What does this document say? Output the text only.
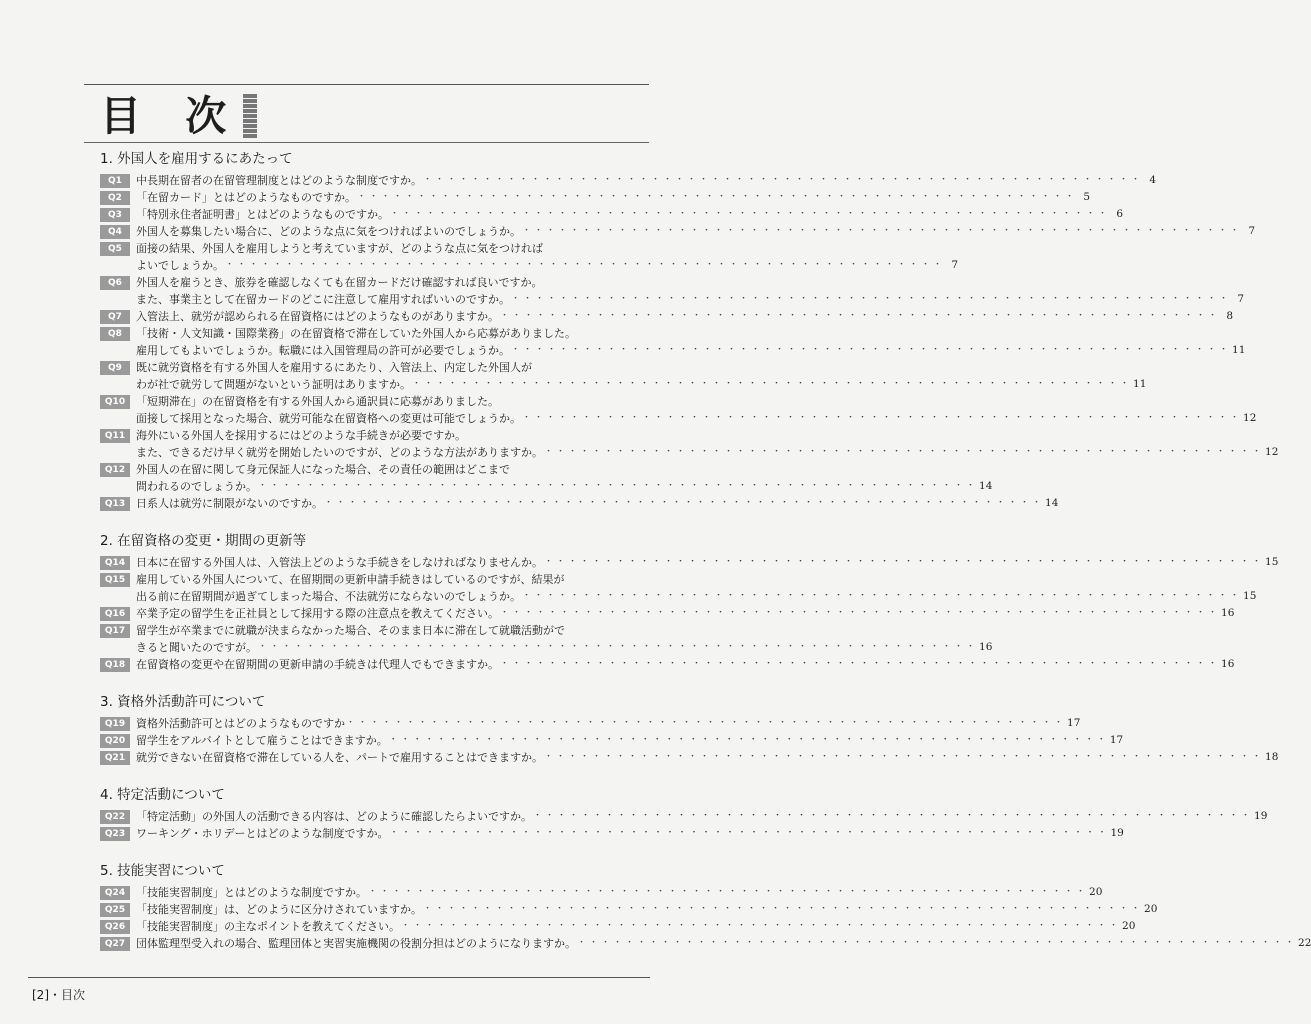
目 次
1. 外国人を雇用するにあたって
Q1	中長期在留者の在留管理制度とはどのような制度ですか。 ・・・・・・・・・・・・・・・・・・・・・・・・・・・・・・・・・・・・・・・・・・・・・・・・・・・・・・・・・・・・ 4
Q2	「在留カード」とはどのようなものですか。 ・・・・・・・・・・・・・・・・・・・・・・・・・・・・・・・・・・・・・・・・・・・・・・・・・・・・・・・・・・・・ 5
Q3	「特別永住者証明書」とはどのようなものですか。 ・・・・・・・・・・・・・・・・・・・・・・・・・・・・・・・・・・・・・・・・・・・・・・・・・・・・・・・・・・・・ 6
Q4	外国人を募集したい場合に、どのような点に気をつければよいのでしょうか。 ・・・・・・・・・・・・・・・・・・・・・・・・・・・・・・・・・・・・・・・・・・・・・・・・・・・・・・・・・・・・ 7
Q5	面接の結果、外国人を雇用しようと考えていますが、どのような点に気をつければ
よいでしょうか。 ・・・・・・・・・・・・・・・・・・・・・・・・・・・・・・・・・・・・・・・・・・・・・・・・・・・・・・・・・・・・ 7
Q6	外国人を雇うとき、旅券を確認しなくても在留カードだけ確認すれば良いですか。
また、事業主として在留カードのどこに注意して雇用すればいいのですか。 ・・・・・・・・・・・・・・・・・・・・・・・・・・・・・・・・・・・・・・・・・・・・・・・・・・・・・・・・・・・・ 7
Q7	入管法上、就労が認められる在留資格にはどのようなものがありますか。 ・・・・・・・・・・・・・・・・・・・・・・・・・・・・・・・・・・・・・・・・・・・・・・・・・・・・・・・・・・・・ 8
Q8	「技術・人文知識・国際業務」の在留資格で滞在していた外国人から応募がありました。
雇用してもよいでしょうか。転職には入国管理局の許可が必要でしょうか。 ・・・・・・・・・・・・・・・・・・・・・・・・・・・・・・・・・・・・・・・・・・・・・・・・・・・・・・・・・・・・ 11
Q9	既に就労資格を有する外国人を雇用するにあたり、入管法上、内定した外国人が
わが社で就労して問題がないという証明はありますか。 ・・・・・・・・・・・・・・・・・・・・・・・・・・・・・・・・・・・・・・・・・・・・・・・・・・・・・・・・・・・・ 11
Q10 「短期滞在」の在留資格を有する外国人から通訳員に応募がありました。
面接して採用となった場合、就労可能な在留資格への変更は可能でしょうか。 ・・・・・・・・・・・・・・・・・・・・・・・・・・・・・・・・・・・・・・・・・・・・・・・・・・・・・・・・・・・・ 12
Q11 海外にいる外国人を採用するにはどのような手続きが必要ですか。
また、できるだけ早く就労を開始したいのですが、どのような方法がありますか。 ・・・・・・・・・・・・・・・・・・・・・・・・・・・・・・・・・・・・・・・・・・・・・・・・・・・・・・・・・・・・ 12
Q12 外国人の在留に関して身元保証人になった場合、その責任の範囲はどこまで
問われるのでしょうか。 ・・・・・・・・・・・・・・・・・・・・・・・・・・・・・・・・・・・・・・・・・・・・・・・・・・・・・・・・・・・・ 14
Q13 日系人は就労に制限がないのですか。 ・・・・・・・・・・・・・・・・・・・・・・・・・・・・・・・・・・・・・・・・・・・・・・・・・・・・・・・・・・・・ 14
2. 在留資格の変更・期間の更新等
Q14 日本に在留する外国人は、入管法上どのような手続きをしなければなりませんか。 ・・・・・・・・・・・・・・・・・・・・・・・・・・・・・・・・・・・・・・・・・・・・・・・・・・・・・・・・・・・・ 15
Q15 雇用している外国人について、在留期間の更新申請手続きはしているのですが、結果が
出る前に在留期間が過ぎてしまった場合、不法就労にならないのでしょうか。 ・・・・・・・・・・・・・・・・・・・・・・・・・・・・・・・・・・・・・・・・・・・・・・・・・・・・・・・・・・・・ 15
Q16 卒業予定の留学生を正社員として採用する際の注意点を教えてください。 ・・・・・・・・・・・・・・・・・・・・・・・・・・・・・・・・・・・・・・・・・・・・・・・・・・・・・・・・・・・・ 16
Q17 留学生が卒業までに就職が決まらなかった場合、そのまま日本に滞在して就職活動がで
きると聞いたのですが。 ・・・・・・・・・・・・・・・・・・・・・・・・・・・・・・・・・・・・・・・・・・・・・・・・・・・・・・・・・・・・ 16
Q18 在留資格の変更や在留期間の更新申請の手続きは代理人でもできますか。 ・・・・・・・・・・・・・・・・・・・・・・・・・・・・・・・・・・・・・・・・・・・・・・・・・・・・・・・・・・・・ 16
3. 資格外活動許可について
Q19 資格外活動許可とはどのようなものですか ・・・・・・・・・・・・・・・・・・・・・・・・・・・・・・・・・・・・・・・・・・・・・・・・・・・・・・・・・・・・ 17
Q20 留学生をアルバイトとして雇うことはできますか。 ・・・・・・・・・・・・・・・・・・・・・・・・・・・・・・・・・・・・・・・・・・・・・・・・・・・・・・・・・・・・ 17
Q21 就労できない在留資格で滞在している人を、パートで雇用することはできますか。 ・・・・・・・・・・・・・・・・・・・・・・・・・・・・・・・・・・・・・・・・・・・・・・・・・・・・・・・・・・・・ 18
4. 特定活動について
Q22 「特定活動」の外国人の活動できる内容は、どのように確認したらよいですか。 ・・・・・・・・・・・・・・・・・・・・・・・・・・・・・・・・・・・・・・・・・・・・・・・・・・・・・・・・・・・・ 19
Q23 ワーキング・ホリデーとはどのような制度ですか。 ・・・・・・・・・・・・・・・・・・・・・・・・・・・・・・・・・・・・・・・・・・・・・・・・・・・・・・・・・・・・ 19
5. 技能実習について
Q24 「技能実習制度」とはどのような制度ですか。 ・・・・・・・・・・・・・・・・・・・・・・・・・・・・・・・・・・・・・・・・・・・・・・・・・・・・・・・・・・・・ 20
Q25 「技能実習制度」は、どのように区分けされていますか。 ・・・・・・・・・・・・・・・・・・・・・・・・・・・・・・・・・・・・・・・・・・・・・・・・・・・・・・・・・・・・ 20
Q26 「技能実習制度」の主なポイントを教えてください。 ・・・・・・・・・・・・・・・・・・・・・・・・・・・・・・・・・・・・・・・・・・・・・・・・・・・・・・・・・・・・ 20
Q27 団体監理型受入れの場合、監理団体と実習実施機関の役割分担はどのようになりますか。 ・・・・・・・・・・・・・・・・・・・・・・・・・・・・・・・・・・・・・・・・・・・・・・・・・・・・・・・・・・・・ 22
[2]・目次
